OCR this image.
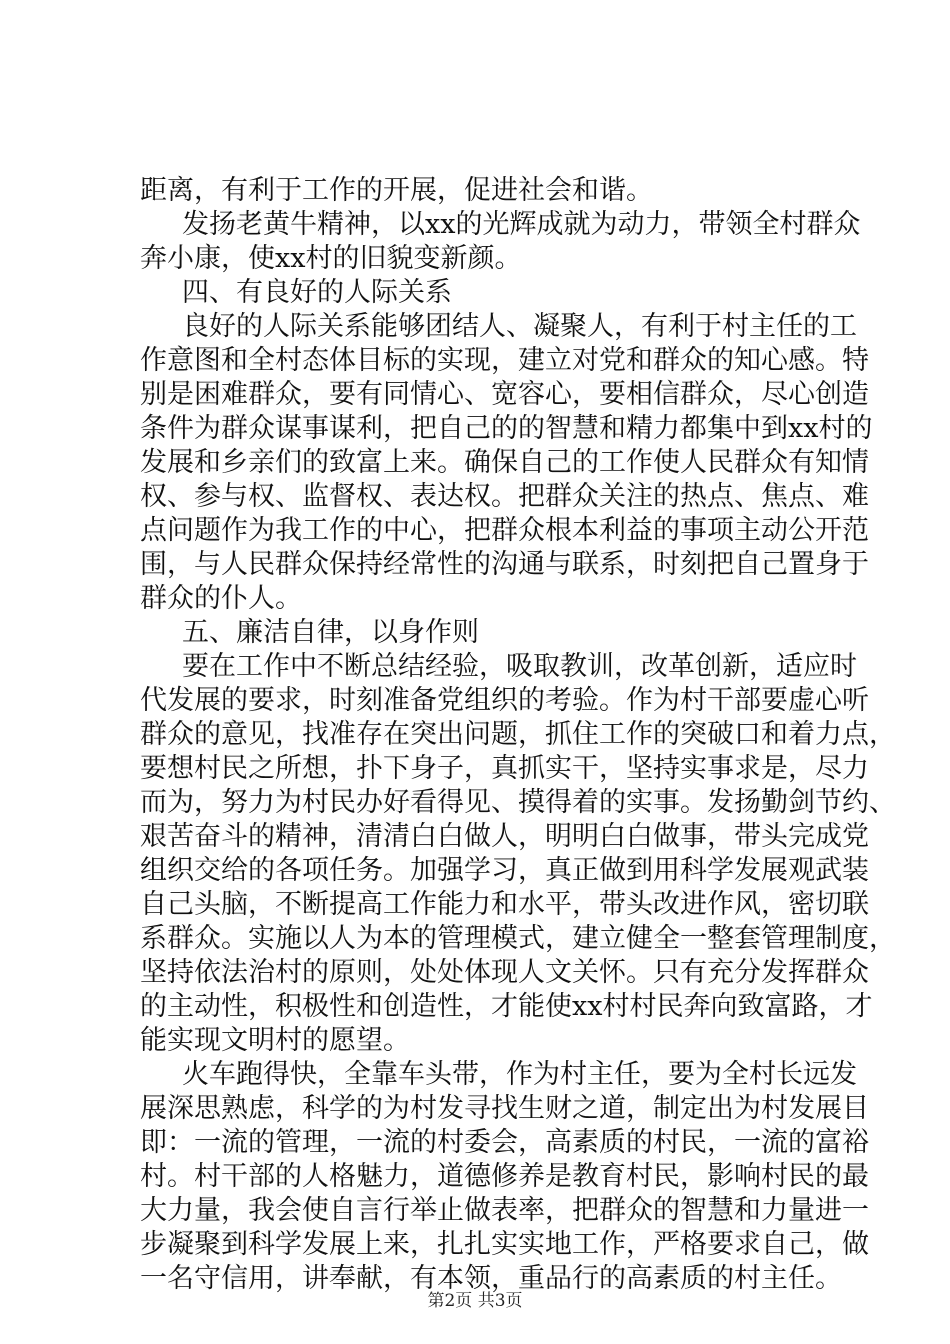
距离，有利于工作的开展，促进社会和谐。
发扬老黄牛精神，以xx的光辉成就为动力，带领全村群众
奔小康，使xx村的旧貌变新颜。
四、有良好的人际关系
良好的人际关系能够团结人、凝聚人，有利于村主任的工
作意图和全村态体目标的实现，建立对党和群众的知心感。特
别是困难群众，要有同情心、宽容心，要相信群众，尽心创造
条件为群众谋事谋利，把自己的的智慧和精力都集中到xx村的
发展和乡亲们的致富上来。确保自己的工作使人民群众有知情
权、参与权、监督权、表达权。把群众关注的热点、焦点、难
点问题作为我工作的中心，把群众根本利益的事项主动公开范
围，与人民群众保持经常性的沟通与联系，时刻把自己置身于
群众的仆人。
五、廉洁自律，以身作则
要在工作中不断总结经验，吸取教训，改革创新，适应时
代发展的要求，时刻准备党组织的考验。作为村干部要虚心听
群众的意见，找准存在突出问题，抓住工作的突破口和着力点，
要想村民之所想，扑下身子，真抓实干，坚持实事求是，尽力
而为，努力为村民办好看得见、摸得着的实事。发扬勤剑节约、
艰苦奋斗的精神，清清白白做人，明明白白做事，带头完成党
组织交给的各项任务。加强学习，真正做到用科学发展观武装
自己头脑，不断提高工作能力和水平，带头改进作风，密切联
系群众。实施以人为本的管理模式，建立健全一整套管理制度，
坚持依法治村的原则，处处体现人文关怀。只有充分发挥群众
的主动性，积极性和创造性，才能使xx村村民奔向致富路，才
能实现文明村的愿望。
火车跑得快，全靠车头带，作为村主任，要为全村长远发
展深思熟虑，科学的为村发寻找生财之道，制定出为村发展目
即：一流的管理，一流的村委会，高素质的村民，一流的富裕
村。村干部的人格魅力，道德修养是教育村民，影响村民的最
大力量，我会使自言行举止做表率，把群众的智慧和力量进一
步凝聚到科学发展上来，扎扎实实地工作，严格要求自己，做
一名守信用，讲奉献，有本领，重品行的高素质的村主任。
第2页 共3页
